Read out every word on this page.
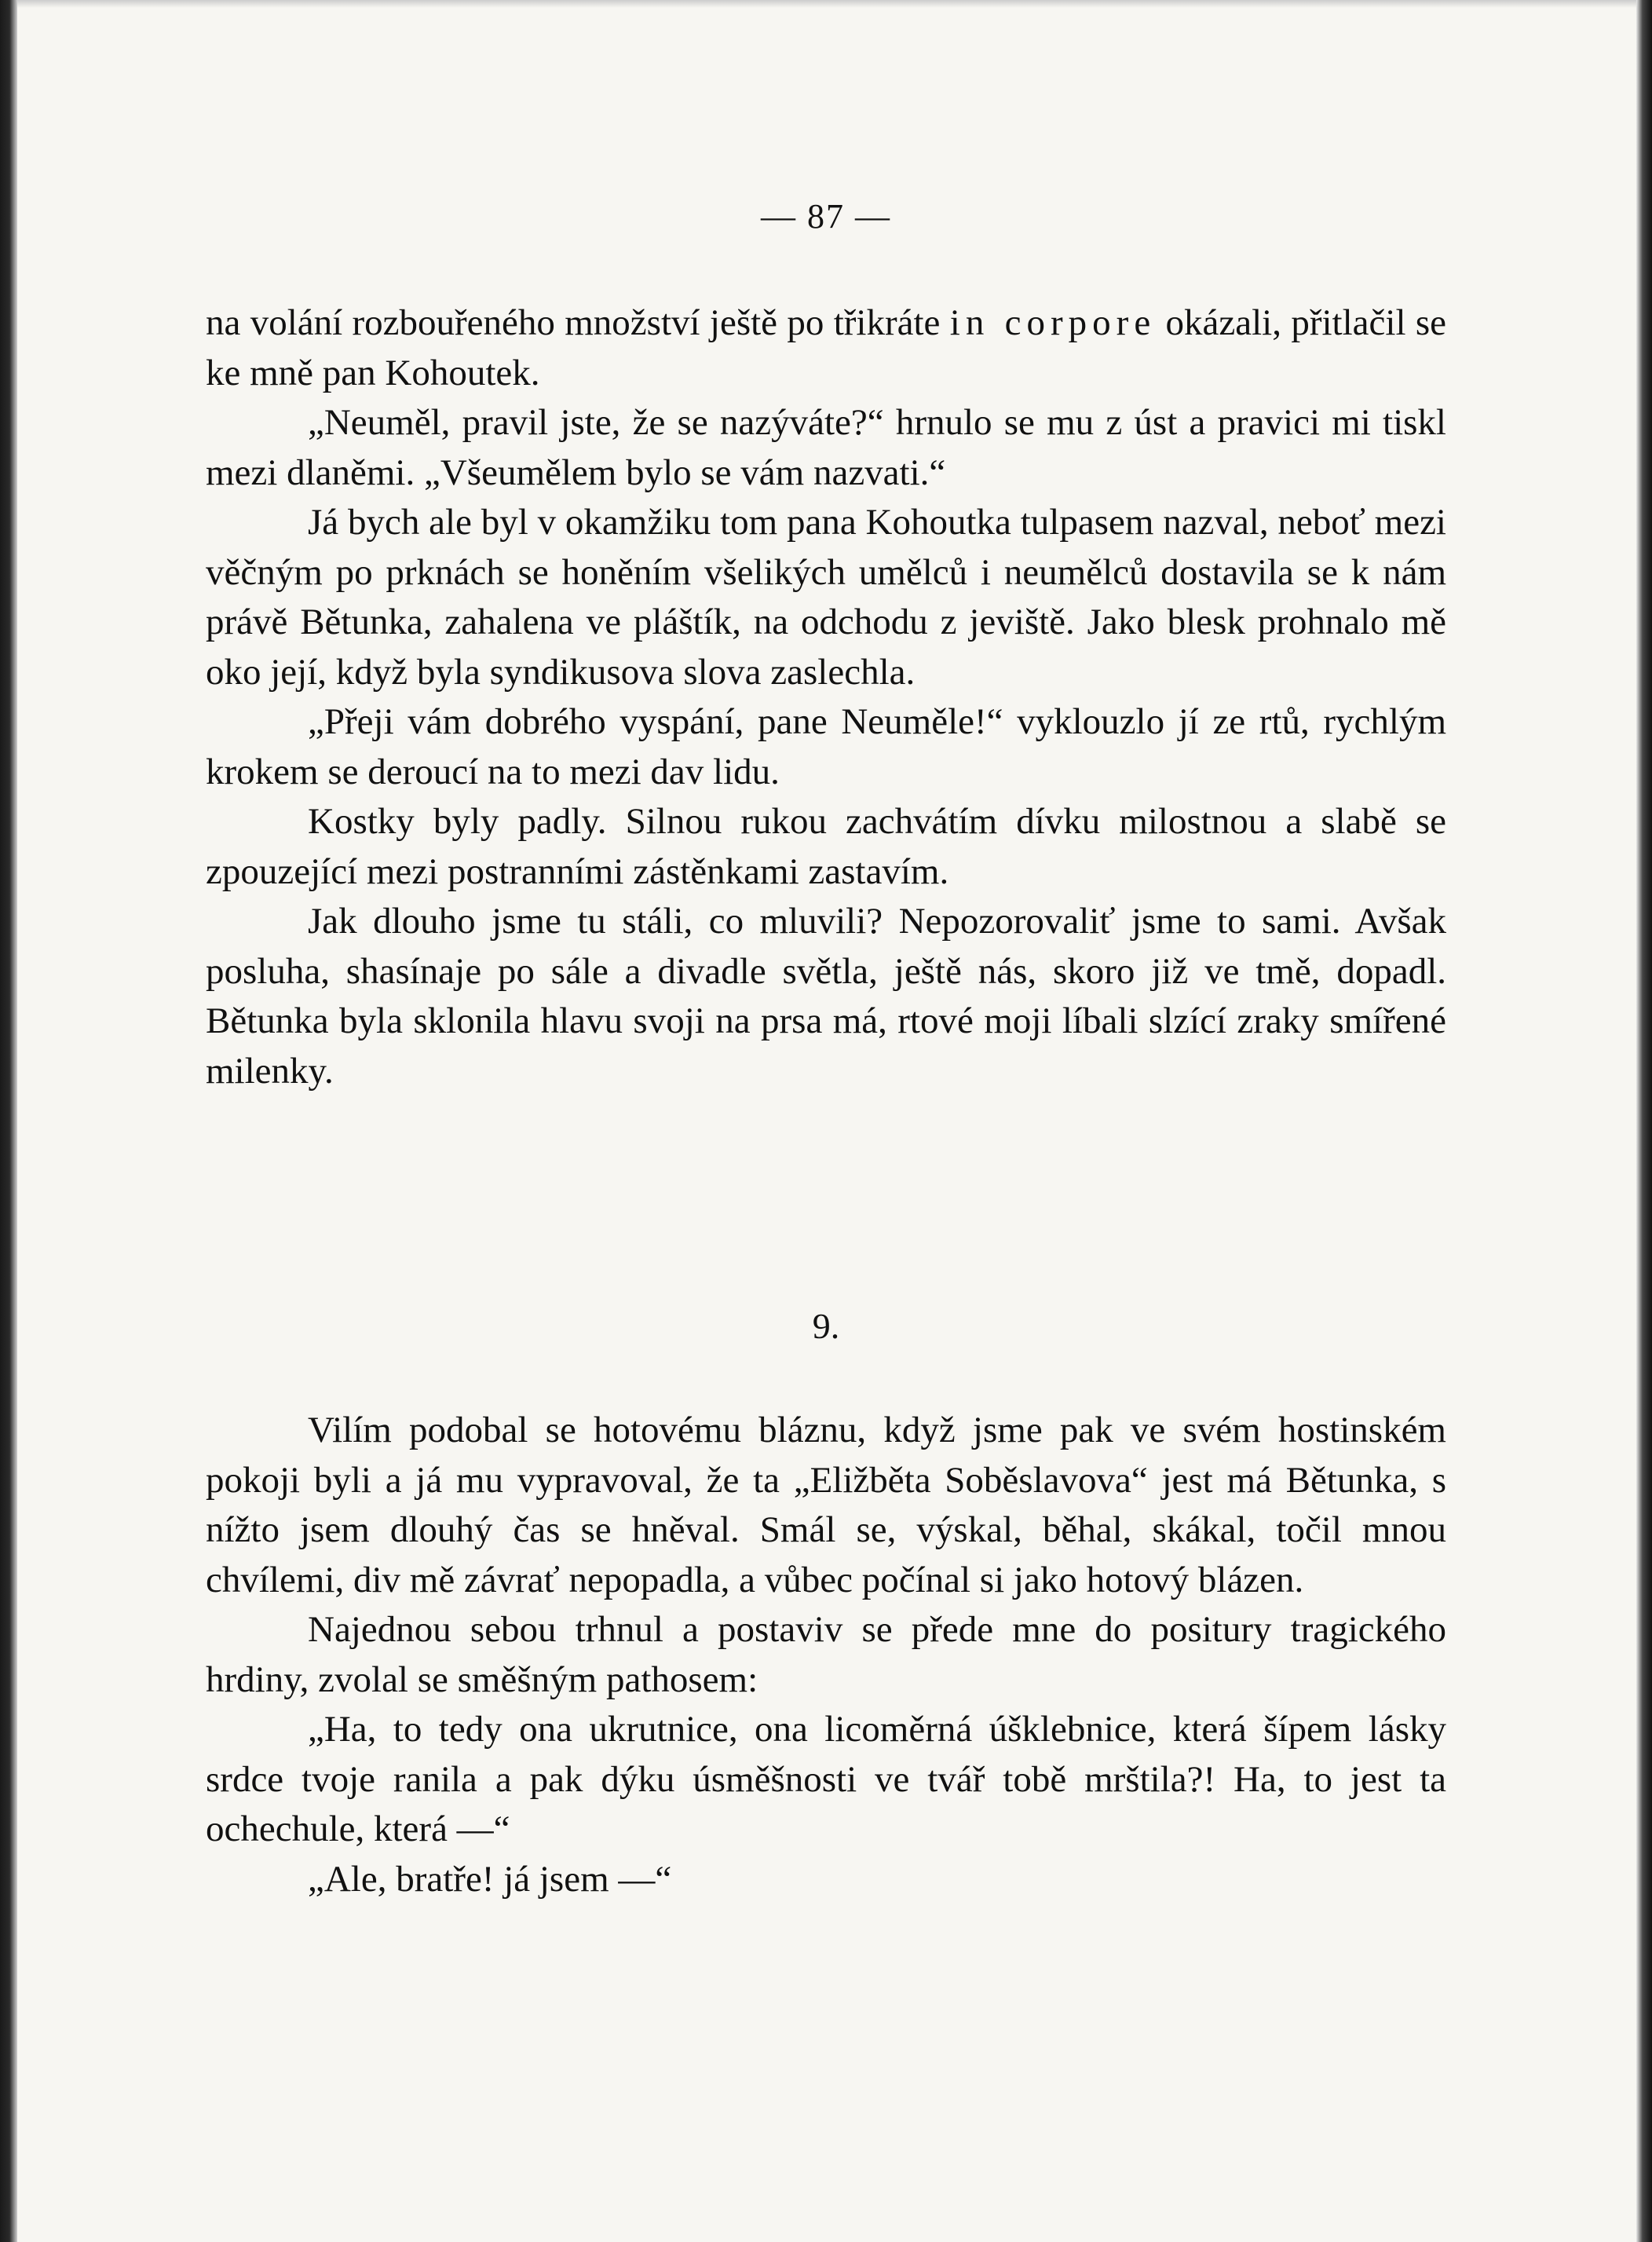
— 87 —

na volání rozbouřeného množství ještě po třikráte in corpore okázali, přitlačil se ke mně pan Kohoutek.

„Neuměl, pravil jste, že se nazýváte?“ hrnulo se mu z úst a pravici mi tiskl mezi dlaněmi. „Všeumělem bylo se vám nazvati.“

Já bych ale byl v okamžiku tom pana Kohoutka tulpasem nazval, neboť mezi věčným po prknách se honěním všelikých umělců i neumělců dostavila se k nám právě Bětunka, zahalena ve pláštík, na odchodu z jeviště. Jako blesk prohnalo mě oko její, když byla syndikusova slova zaslechla.

„Přeji vám dobrého vyspání, pane Neuměle!“ vyklouzlo jí ze rtů, rychlým krokem se deroucí na to mezi dav lidu.

Kostky byly padly. Silnou rukou zachvátím dívku milostnou a slabě se zpouzející mezi postranními zástěnkami zastavím.

Jak dlouho jsme tu stáli, co mluvili? Nepozorovaliť jsme to sami. Avšak posluha, shasínaje po sále a divadle světla, ještě nás, skoro již ve tmě, dopadl. Bětunka byla sklonila hlavu svoji na prsa má, rtové moji líbali slzící zraky smířené milenky.

9.

Vilím podobal se hotovému bláznu, když jsme pak ve svém hostinském pokoji byli a já mu vypravoval, že ta „Eližběta Soběslavova“ jest má Bětunka, s nížto jsem dlouhý čas se hněval. Smál se, výskal, běhal, skákal, točil mnou chvílemi, div mě závrať nepopadla, a vůbec počínal si jako hotový blázen.

Najednou sebou trhnul a postaviv se přede mne do positury tragického hrdiny, zvolal se směšným pathosem:

„Ha, to tedy ona ukrutnice, ona licoměrná úšklebnice, která šípem lásky srdce tvoje ranila a pak dýku úsměšnosti ve tvář tobě mrštila?! Ha, to jest ta ochechule, která —“

„Ale, bratře! já jsem —“
